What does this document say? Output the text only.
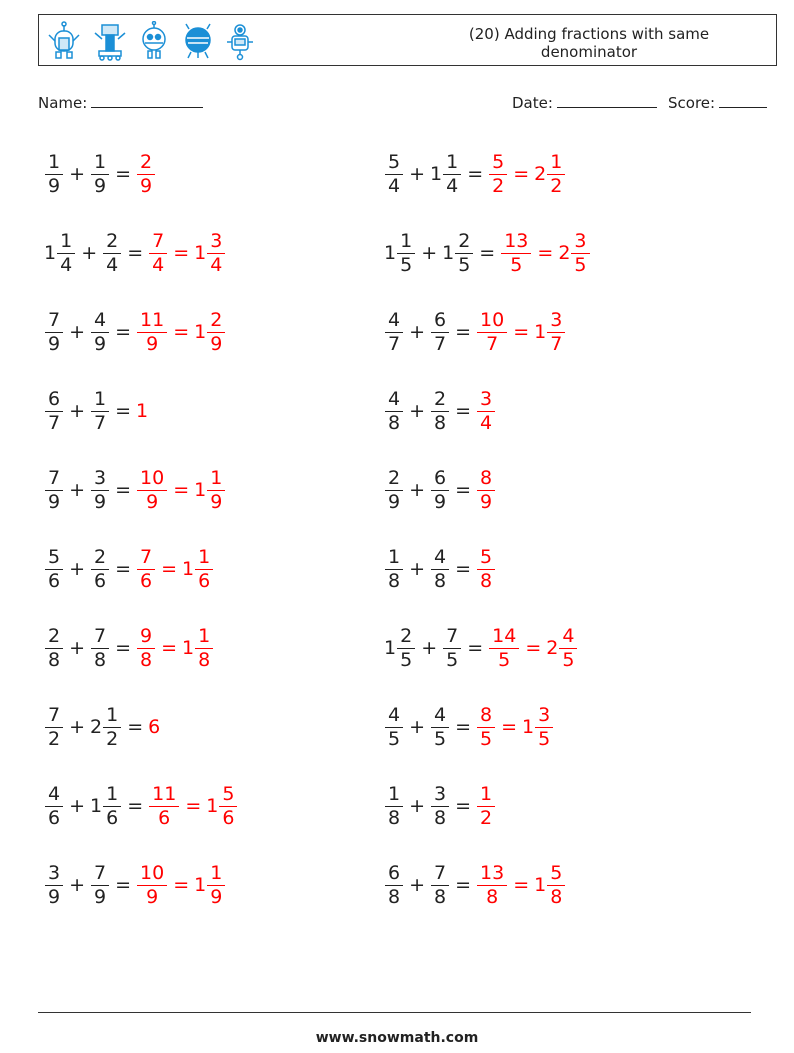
(20) Adding fractions with same denominator
Name:	Date:	Score:
$\frac{1}{9} + \frac{1}{9} = \frac{2}{9}$	$\frac{5}{4} + 1 \frac{1}{4} = \frac{5}{2} = 2 \frac{1}{2}$
$1 \frac{1}{4} + \frac{2}{4} = \frac{7}{4} = 1 \frac{3}{4}$	$1 \frac{1}{5} + 1 \frac{2}{5} = \frac{13}{5} = 2 \frac{3}{5}$
$\frac{7}{9} + \frac{4}{9} = \frac{11}{9} = 1 \frac{2}{9}$	$\frac{4}{7} + \frac{6}{7} = \frac{10}{7} = 1 \frac{3}{7}$
$\frac{6}{7} + \frac{1}{7} = 1$	$\frac{4}{8} + \frac{2}{8} = \frac{3}{4}$
$\frac{7}{9} + \frac{3}{9} = \frac{10}{9} = 1 \frac{1}{9}$	$\frac{2}{9} + \frac{6}{9} = \frac{8}{9}$
$\frac{5}{6} + \frac{2}{6} = \frac{7}{6} = 1 \frac{1}{6}$	$\frac{1}{8} + \frac{4}{8} = \frac{5}{8}$
$\frac{2}{8} + \frac{7}{8} = \frac{9}{8} = 1 \frac{1}{8}$	$1 \frac{2}{5} + \frac{7}{5} = \frac{14}{5} = 2 \frac{4}{5}$
$\frac{7}{2} + 2 \frac{1}{2} = 6$	$\frac{4}{5} + \frac{4}{5} = \frac{8}{5} = 1 \frac{3}{5}$
$\frac{4}{6} + 1 \frac{1}{6} = \frac{11}{6} = 1 \frac{5}{6}$	$\frac{1}{8} + \frac{3}{8} = \frac{1}{2}$
$\frac{3}{9} + \frac{7}{9} = \frac{10}{9} = 1 \frac{1}{9}$	$\frac{6}{8} + \frac{7}{8} = \frac{13}{8} = 1 \frac{5}{8}$
www.snowmath.com
